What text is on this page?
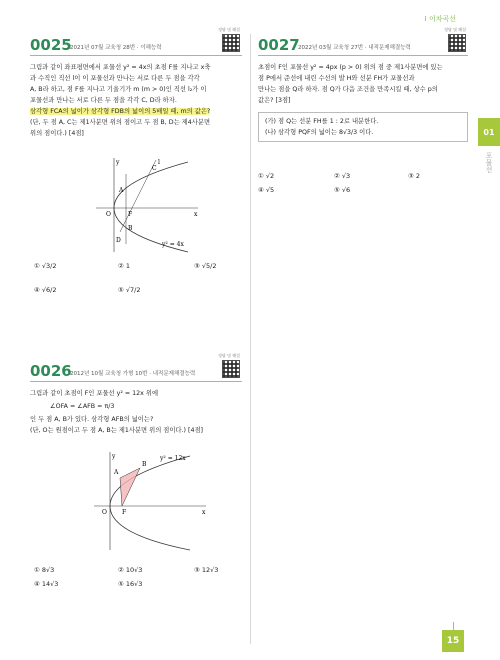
Ⅰ 이차곡선
01
포물선
15
0025
2021년 07월 교육청 28번 · 이해능력
정답 및 해설
그림과 같이 좌표평면에서 포물선 y² = 4x의 초점 F를 지나고 x축
과 수직인 직선 l이 이 포물선과 만나는 서로 다른 두 점을 각각
A, B라 하고, 점 F를 지나고 기울기가 m (m > 0)인 직선 l₂가 이
포물선과 만나는 서로 다른 두 점을 각각 C, D라 하자.
삼각형 FCA의 넓이가 삼각형 FDB의 넓이의 5배일 때, m의 값은?
(단, 두 점 A, C는 제1사분면 위의 점이고 두 점 B, D는 제4사분면
위의 점이다.) [4점]
y
x
O	F
A
B
C
D
l
y² = 4x
① √3/2	② 1	③ √5/2
④ √6/2	⑤ √7/2
0026
2012년 10월 교육청 가형 10번 · 내적문제해결능력
정답 및 해설
그림과 같이 초점이 F인 포물선 y² = 12x 위에
∠OFA = ∠AFB = π/3
인 두 점 A, B가 있다. 삼각형 AFB의 넓이는?
(단, O는 원점이고 두 점 A, B는 제1사분면 위의 점이다.) [4점]
y
x
O	F
A
B
y² = 12x
① 8√3	② 10√3	③ 12√3
④ 14√3	⑤ 16√3
0027
2022년 03월 교육청 27번 · 내적문제해결능력
정답 및 해설
초점이 F인 포물선 y² = 4px (p > 0) 위의 점 중 제1사분면에 있는
점 P에서 준선에 내린 수선의 발 H와 선분 FH가 포물선과
만나는 점을 Q라 하자. 점 Q가 다음 조건을 만족시킬 때, 상수 p의
값은? [3점]
(가) 점 Q는 선분 FH를 1 : 2로 내분한다.
(나) 삼각형 PQF의 넓이는 8√3/3 이다.
① √2	② √3	③ 2
④ √5	⑤ √6
